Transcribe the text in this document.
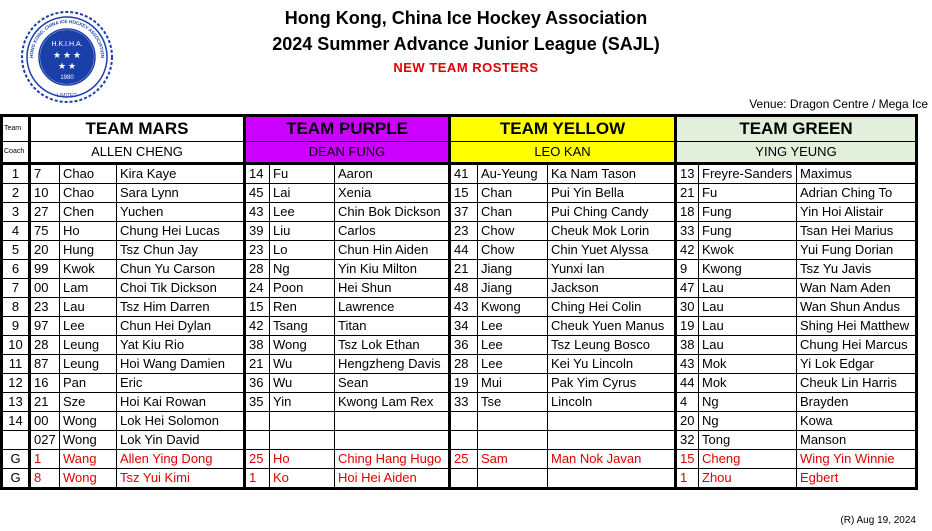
H.K.I.H.A.
★ ★ ★
★ ★
1980
LIMITED
HONG KONG, CHINA ICE HOCKEY ASSOCIATION
Hong Kong, China Ice Hockey Association
2024 Summer Advance Junior League (SAJL)
NEW TEAM ROSTERS
Venue: Dragon Centre / Mega Ice
Team	TEAM MARS			TEAM PURPLE			TEAM YELLOW			TEAM GREEN		
Coach	ALLEN CHENG			DEAN FUNG			LEO KAN			YING YEUNG		
1	7	Chao	Kira Kaye	14	Fu	Aaron	41	Au-Yeung	Ka Nam Tason	13	Freyre-Sanders	Maximus
2	10	Chao	Sara Lynn	45	Lai	Xenia	15	Chan	Pui Yin Bella	21	Fu	Adrian Ching To
3	27	Chen	Yuchen	43	Lee	Chin Bok Dickson	37	Chan	Pui Ching Candy	18	Fung	Yin Hoi Alistair
4	75	Ho	Chung Hei Lucas	39	Liu	Carlos	23	Chow	Cheuk Mok Lorin	33	Fung	Tsan Hei Marius
5	20	Hung	Tsz Chun Jay	23	Lo	Chun Hin Aiden	44	Chow	Chin Yuet Alyssa	42	Kwok	Yui Fung Dorian
6	99	Kwok	Chun Yu Carson	28	Ng	Yin Kiu Milton	21	Jiang	Yunxi Ian	9	Kwong	Tsz Yu Javis
7	00	Lam	Choi Tik Dickson	24	Poon	Hei Shun	48	Jiang	Jackson	47	Lau	Wan Nam Aden
8	23	Lau	Tsz Him Darren	15	Ren	Lawrence	43	Kwong	Ching Hei Colin	30	Lau	Wan Shun Andus
9	97	Lee	Chun Hei Dylan	42	Tsang	Titan	34	Lee	Cheuk Yuen Manus	19	Lau	Shing Hei Matthew
10	28	Leung	Yat Kiu Rio	38	Wong	Tsz Lok Ethan	36	Lee	Tsz Leung Bosco	38	Lau	Chung Hei Marcus
11	87	Leung	Hoi Wang Damien	21	Wu	Hengzheng Davis	28	Lee	Kei Yu Lincoln	43	Mok	Yi Lok Edgar
12	16	Pan	Eric	36	Wu	Sean	19	Mui	Pak Yim Cyrus	44	Mok	Cheuk Lin Harris
13	21	Sze	Hoi Kai Rowan	35	Yin	Kwong Lam Rex	33	Tse	Lincoln	4	Ng	Brayden
14	00	Wong	Lok Hei Solomon							20	Ng	Kowa
	027	Wong	Lok Yin David							32	Tong	Manson
G	1	Wang	Allen Ying Dong	25	Ho	Ching Hang Hugo	25	Sam	Man Nok Javan	15	Cheng	Wing Yin Winnie
G	8	Wong	Tsz Yui Kimi	1	Ko	Hoi Hei Aiden				1	Zhou	Egbert
(R) Aug 19, 2024
